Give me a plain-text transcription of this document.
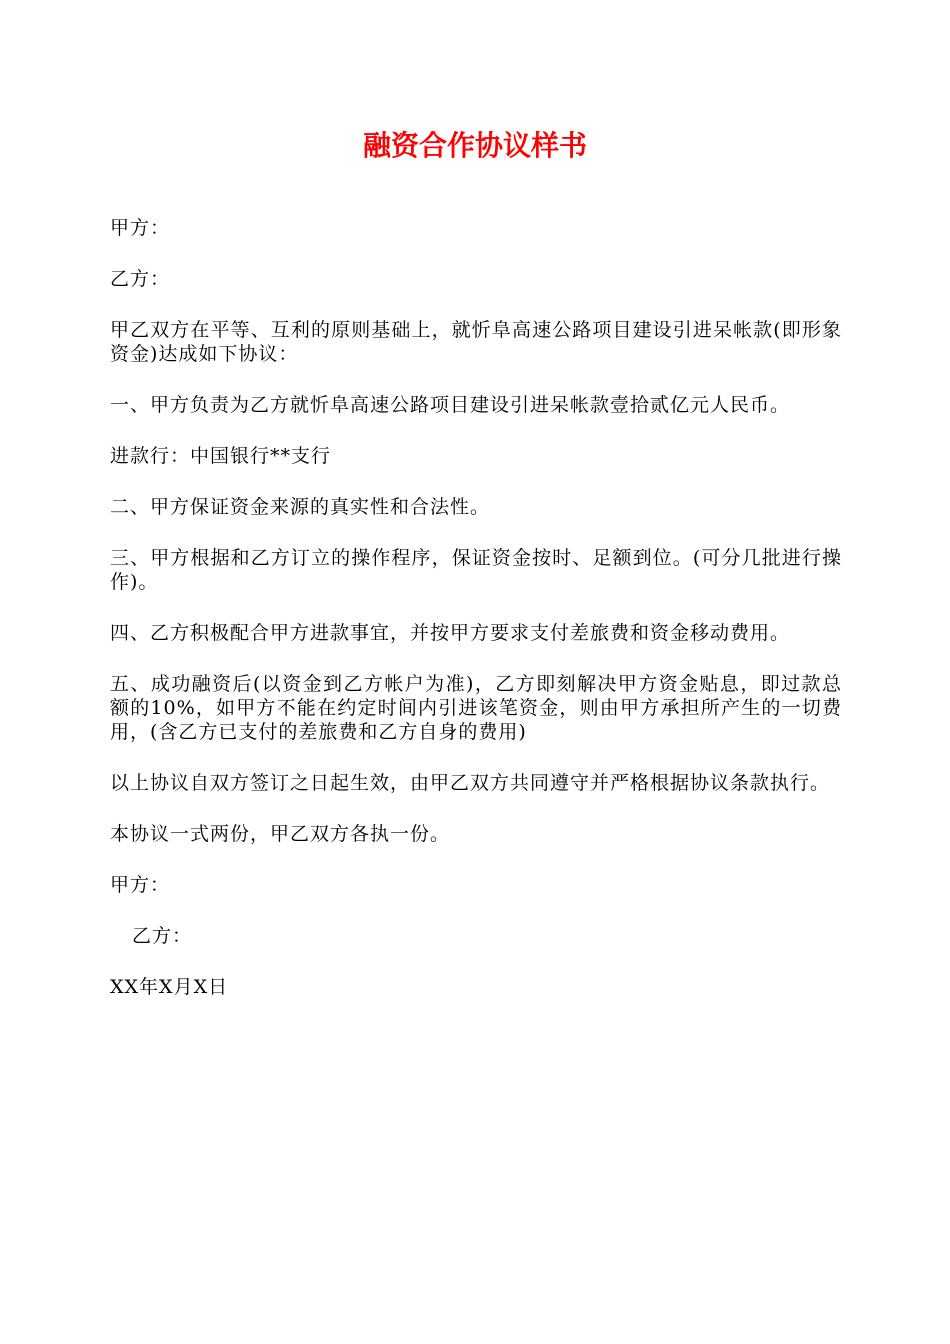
融资合作协议样书

甲方：

乙方：

甲乙双方在平等、互利的原则基础上，就忻阜高速公路项目建设引进呆帐款(即形象资金)达成如下协议：

一、甲方负责为乙方就忻阜高速公路项目建设引进呆帐款壹拾贰亿元人民币。

进款行：中国银行**支行

二、甲方保证资金来源的真实性和合法性。

三、甲方根据和乙方订立的操作程序，保证资金按时、足额到位。(可分几批进行操作)。

四、乙方积极配合甲方进款事宜，并按甲方要求支付差旅费和资金移动费用。

五、成功融资后(以资金到乙方帐户为准)，乙方即刻解决甲方资金贴息，即过款总额的10%，如甲方不能在约定时间内引进该笔资金，则由甲方承担所产生的一切费用，(含乙方已支付的差旅费和乙方自身的费用)

以上协议自双方签订之日起生效，由甲乙双方共同遵守并严格根据协议条款执行。

本协议一式两份，甲乙双方各执一份。

甲方：

乙方：

XX年X月X日
